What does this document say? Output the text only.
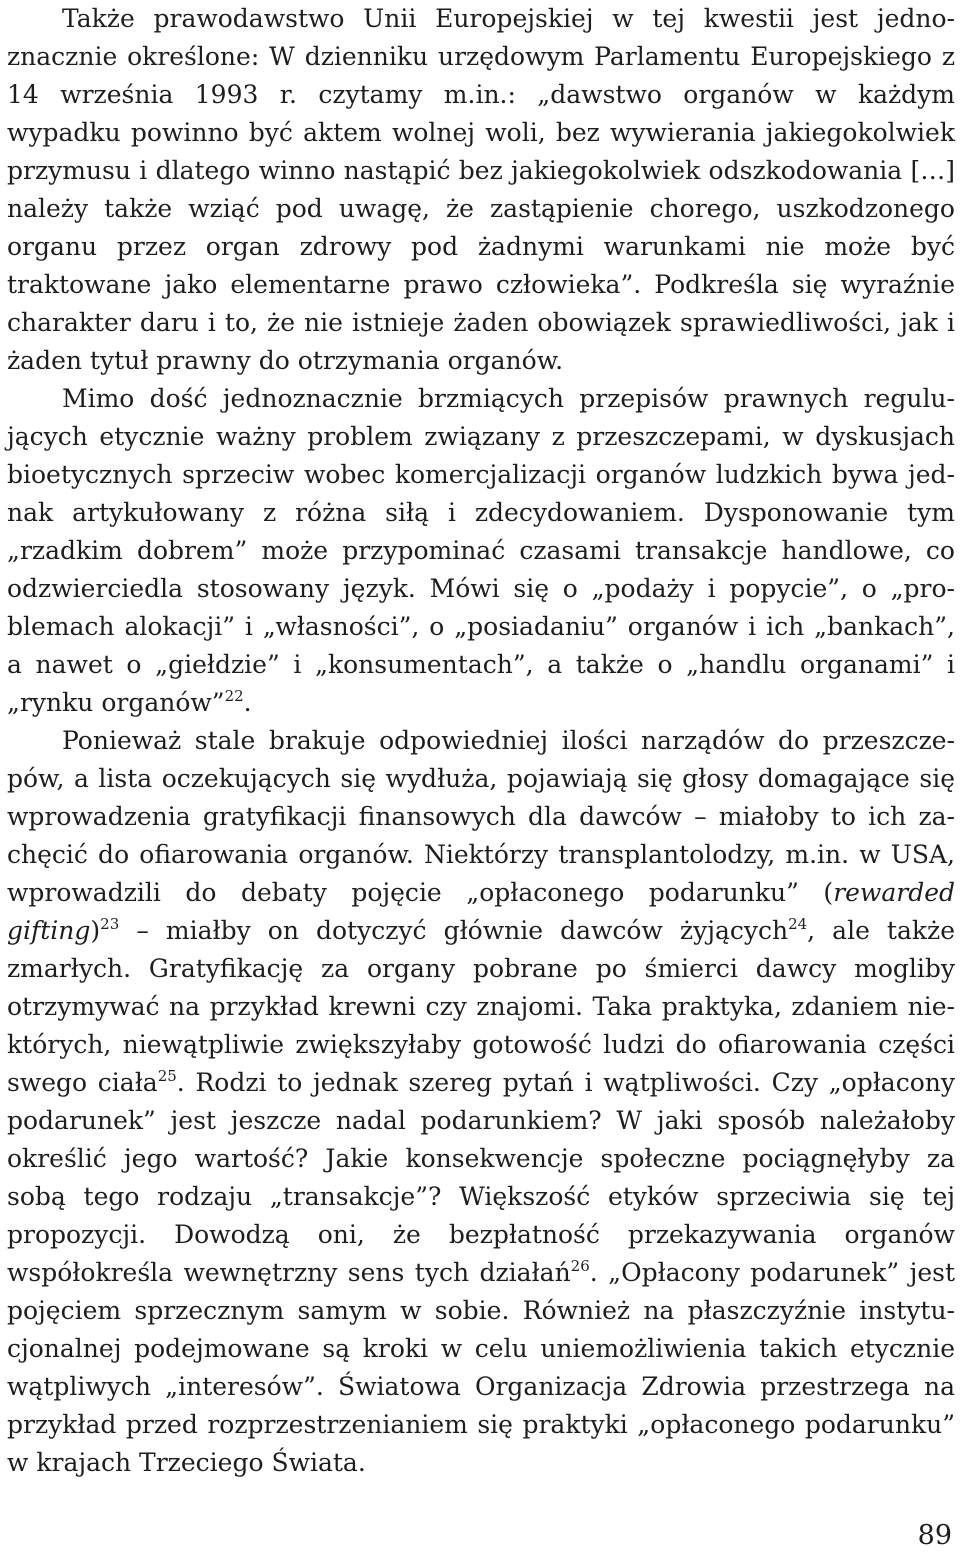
Także prawodawstwo Unii Europejskiej w tej kwestii jest jednoznacznie określone: W dzienniku urzędowym Parlamentu Europejskiego z 14 września 1993 r. czytamy m.in.: „dawstwo organów w każdym wypadku powinno być aktem wolnej woli, bez wywierania jakiegokolwiek przymusu i dlatego winno nastąpić bez jakiegokolwiek odszkodowania […] należy także wziąć pod uwagę, że zastąpienie chorego, uszkodzonego organu przez organ zdrowy pod żadnymi warunkami nie może być traktowane jako elementarne prawo człowieka”. Podkreśla się wyraźnie charakter daru i to, że nie istnieje żaden obowiązek sprawiedliwości, jak i żaden tytuł prawny do otrzymania organów.

Mimo dość jednoznacznie brzmiących przepisów prawnych regulujących etycznie ważny problem związany z przeszczepami, w dyskusjach bioetycznych sprzeciw wobec komercjalizacji organów ludzkich bywa jednak artykułowany z różna siłą i zdecydowaniem. Dysponowanie tym „rzadkim dobrem” może przypominać czasami transakcje handlowe, co odzwierciedla stosowany język. Mówi się o „podaży i popycie”, o „problemach alokacji” i „własności”, o „posiadaniu” organów i ich „bankach”, a nawet o „giełdzie” i „konsumentach”, a także o „handlu organami” i „rynku organów”$^{22}$.

Ponieważ stale brakuje odpowiedniej ilości narządów do przeszczepów, a lista oczekujących się wydłuża, pojawiają się głosy domagające się wprowadzenia gratyfikacji finansowych dla dawców – miałoby to ich zachęcić do ofiarowania organów. Niektórzy transplantolodzy, m.in. w USA, wprowadzili do debaty pojęcie „opłaconego podarunku” (rewarded gifting)$^{23}$ – miałby on dotyczyć głównie dawców żyjących$^{24}$, ale także zmarłych. Gratyfikację za organy pobrane po śmierci dawcy mogliby otrzymywać na przykład krewni czy znajomi. Taka praktyka, zdaniem niektórych, niewątpliwie zwiększyłaby gotowość ludzi do ofiarowania części swego ciała$^{25}$. Rodzi to jednak szereg pytań i wątpliwości. Czy „opłacony podarunek” jest jeszcze nadal podarunkiem? W jaki sposób należałoby określić jego wartość? Jakie konsekwencje społeczne pociągnęłyby za sobą tego rodzaju „transakcje”? Większość etyków sprzeciwia się tej propozycji. Dowodzą oni, że bezpłatność przekazywania organów współokreśla wewnętrzny sens tych działań$^{26}$. „Opłacony podarunek” jest pojęciem sprzecznym samym w sobie. Również na płaszczyźnie instytucjonalnej podejmowane są kroki w celu uniemożliwienia takich etycznie wątpliwych „interesów”. Światowa Organizacja Zdrowia przestrzega na przykład przed rozprzestrzenianiem się praktyki „opłaconego podarunku” w krajach Trzeciego Świata.

89
